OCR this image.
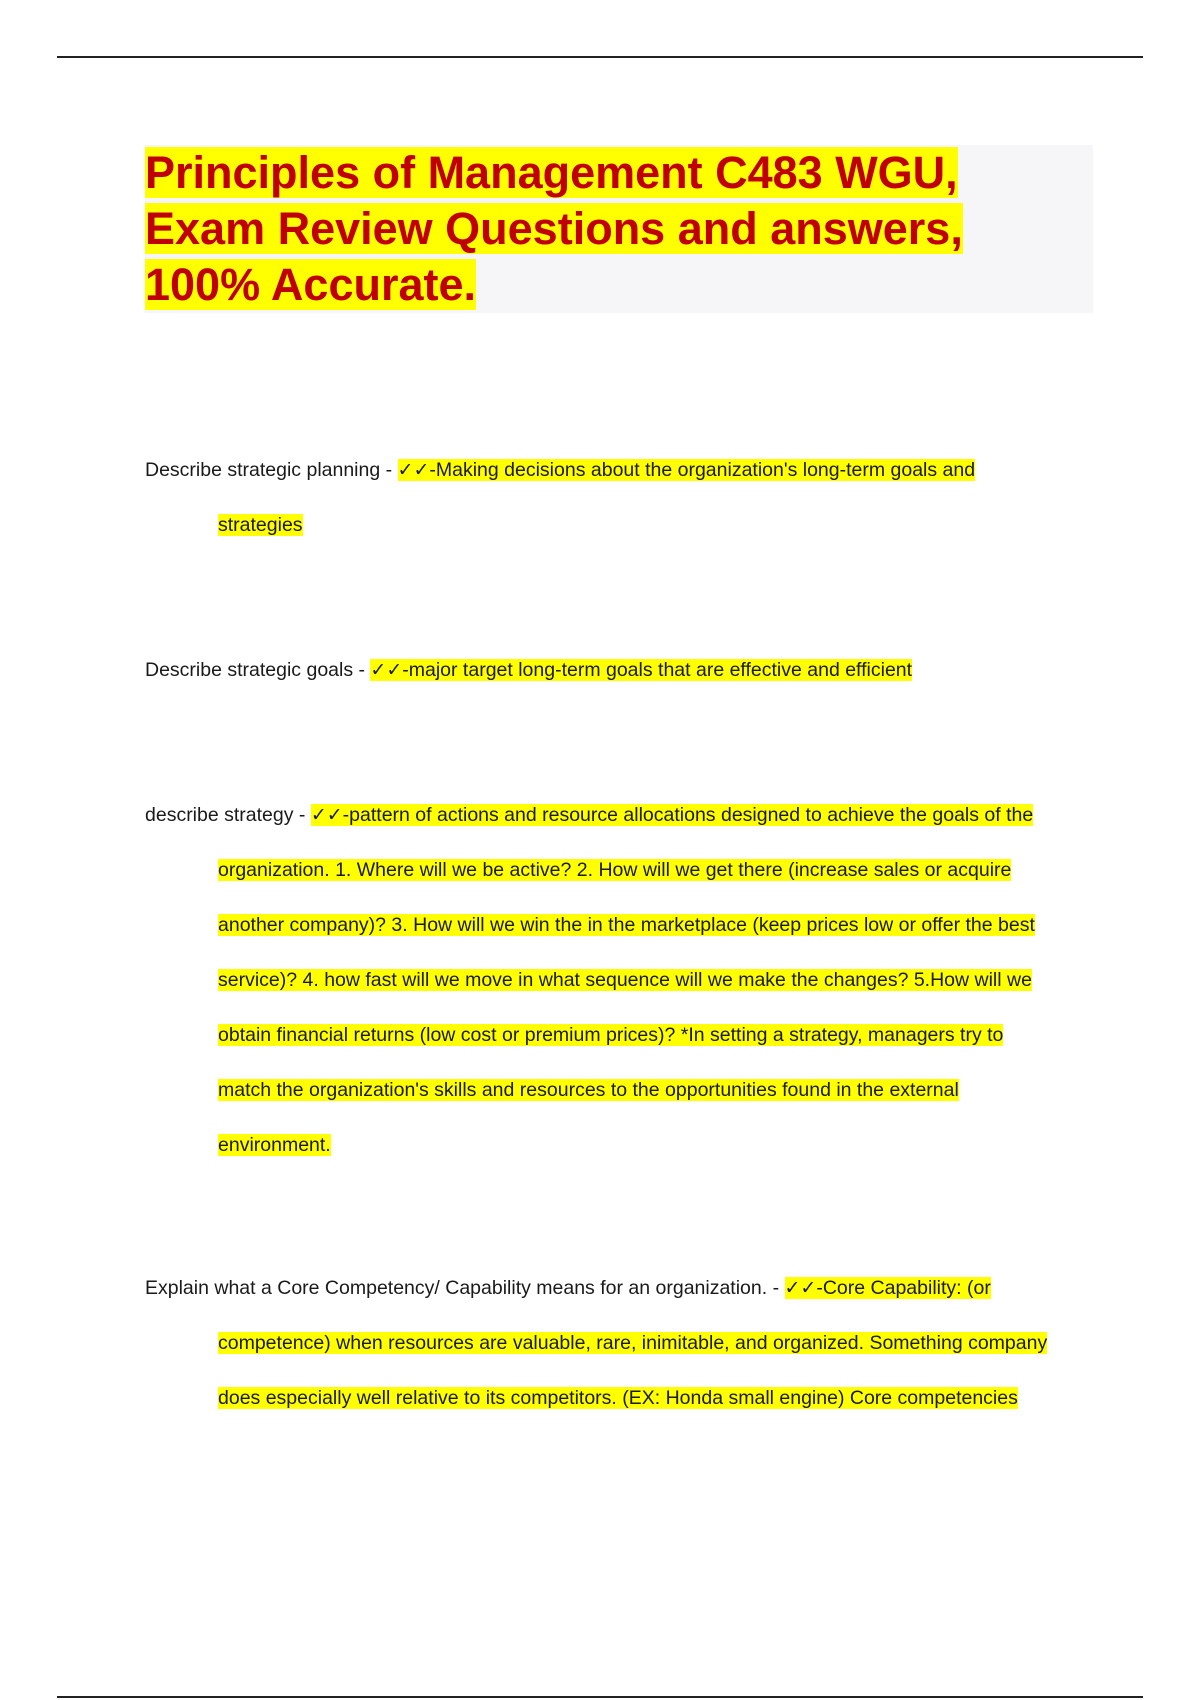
Principles of Management C483 WGU,
Exam Review Questions and answers,
100% Accurate.
Describe strategic planning - ✓✓-Making decisions about the organization's long-term goals and
strategies
Describe strategic goals - ✓✓-major target long-term goals that are effective and efficient
describe strategy - ✓✓-pattern of actions and resource allocations designed to achieve the goals of the
organization. 1. Where will we be active? 2. How will we get there (increase sales or acquire
another company)? 3. How will we win the in the marketplace (keep prices low or offer the best
service)? 4. how fast will we move in what sequence will we make the changes? 5.How will we
obtain financial returns (low cost or premium prices)? *In setting a strategy, managers try to
match the organization's skills and resources to the opportunities found in the external
environment.
Explain what a Core Competency/ Capability means for an organization. - ✓✓-Core Capability: (or
competence) when resources are valuable, rare, inimitable, and organized. Something company
does especially well relative to its competitors. (EX: Honda small engine) Core competencies
